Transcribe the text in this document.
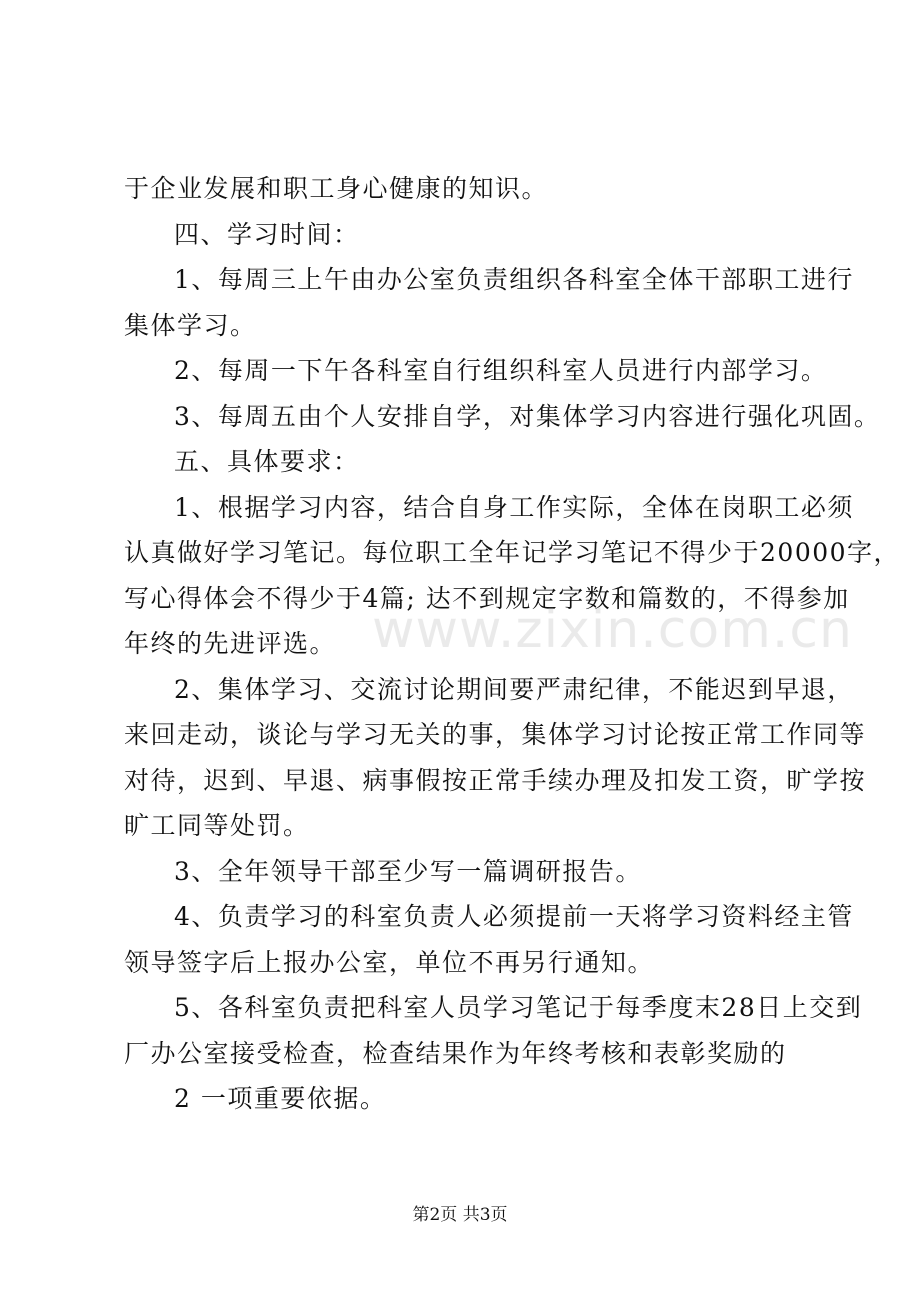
于企业发展和职工身心健康的知识。
四、学习时间：
1、每周三上午由办公室负责组织各科室全体干部职工进行
集体学习。
2、每周一下午各科室自行组织科室人员进行内部学习。
3、每周五由个人安排自学，对集体学习内容进行强化巩固。
五、具体要求：
1、根据学习内容，结合自身工作实际，全体在岗职工必须
认真做好学习笔记。每位职工全年记学习笔记不得少于20000字，
写心得体会不得少于4篇; 达不到规定字数和篇数的，不得参加
年终的先进评选。
2、集体学习、交流讨论期间要严肃纪律，不能迟到早退，
来回走动，谈论与学习无关的事，集体学习讨论按正常工作同等
对待，迟到、早退、病事假按正常手续办理及扣发工资，旷学按
旷工同等处罚。
3、全年领导干部至少写一篇调研报告。
4、负责学习的科室负责人必须提前一天将学习资料经主管
领导签字后上报办公室，单位不再另行通知。
5、各科室负责把科室人员学习笔记于每季度末28日上交到
厂办公室接受检查，检查结果作为年终考核和表彰奖励的
2 一项重要依据。
www.zixin.com.cn
第2页 共3页
